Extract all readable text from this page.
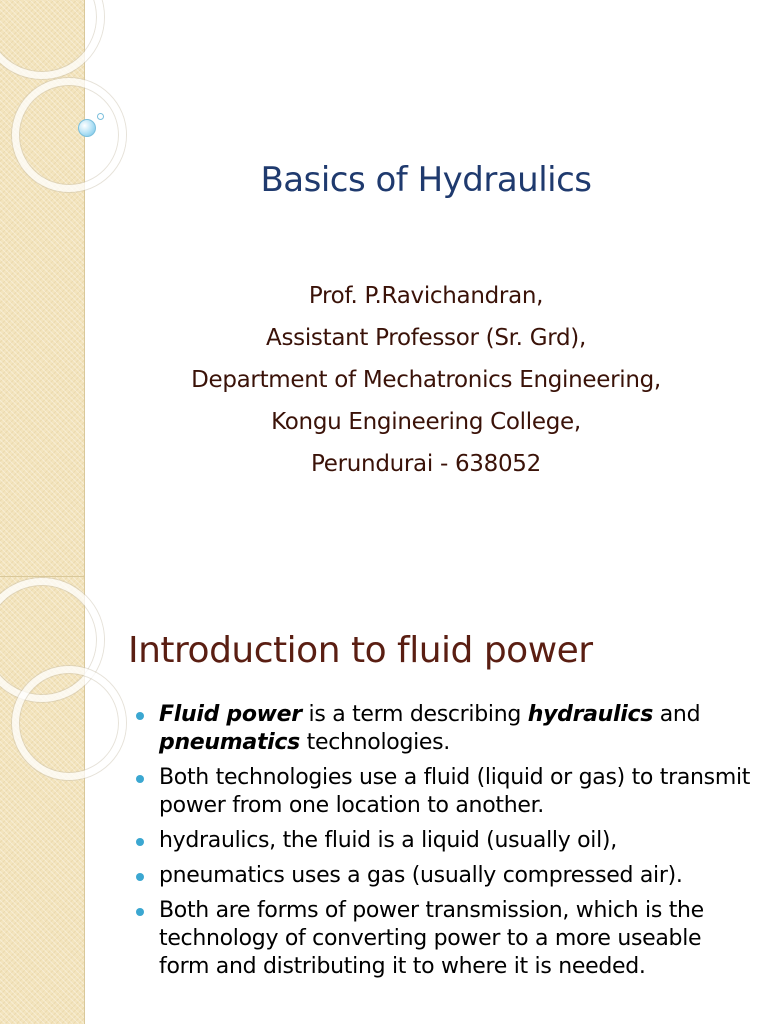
Basics of Hydraulics
Prof. P.Ravichandran,
Assistant Professor (Sr. Grd),
Department of Mechatronics Engineering,
Kongu Engineering College,
Perundurai - 638052
Introduction to fluid power
Fluid power is a term describing hydraulics and pneumatics technologies.
Both technologies use a fluid (liquid or gas) to transmit power from one location to another.
hydraulics, the fluid is a liquid (usually oil),
pneumatics uses a gas (usually compressed air).
Both are forms of power transmission, which is the technology of converting power to a more useable form and distributing it to where it is needed.
